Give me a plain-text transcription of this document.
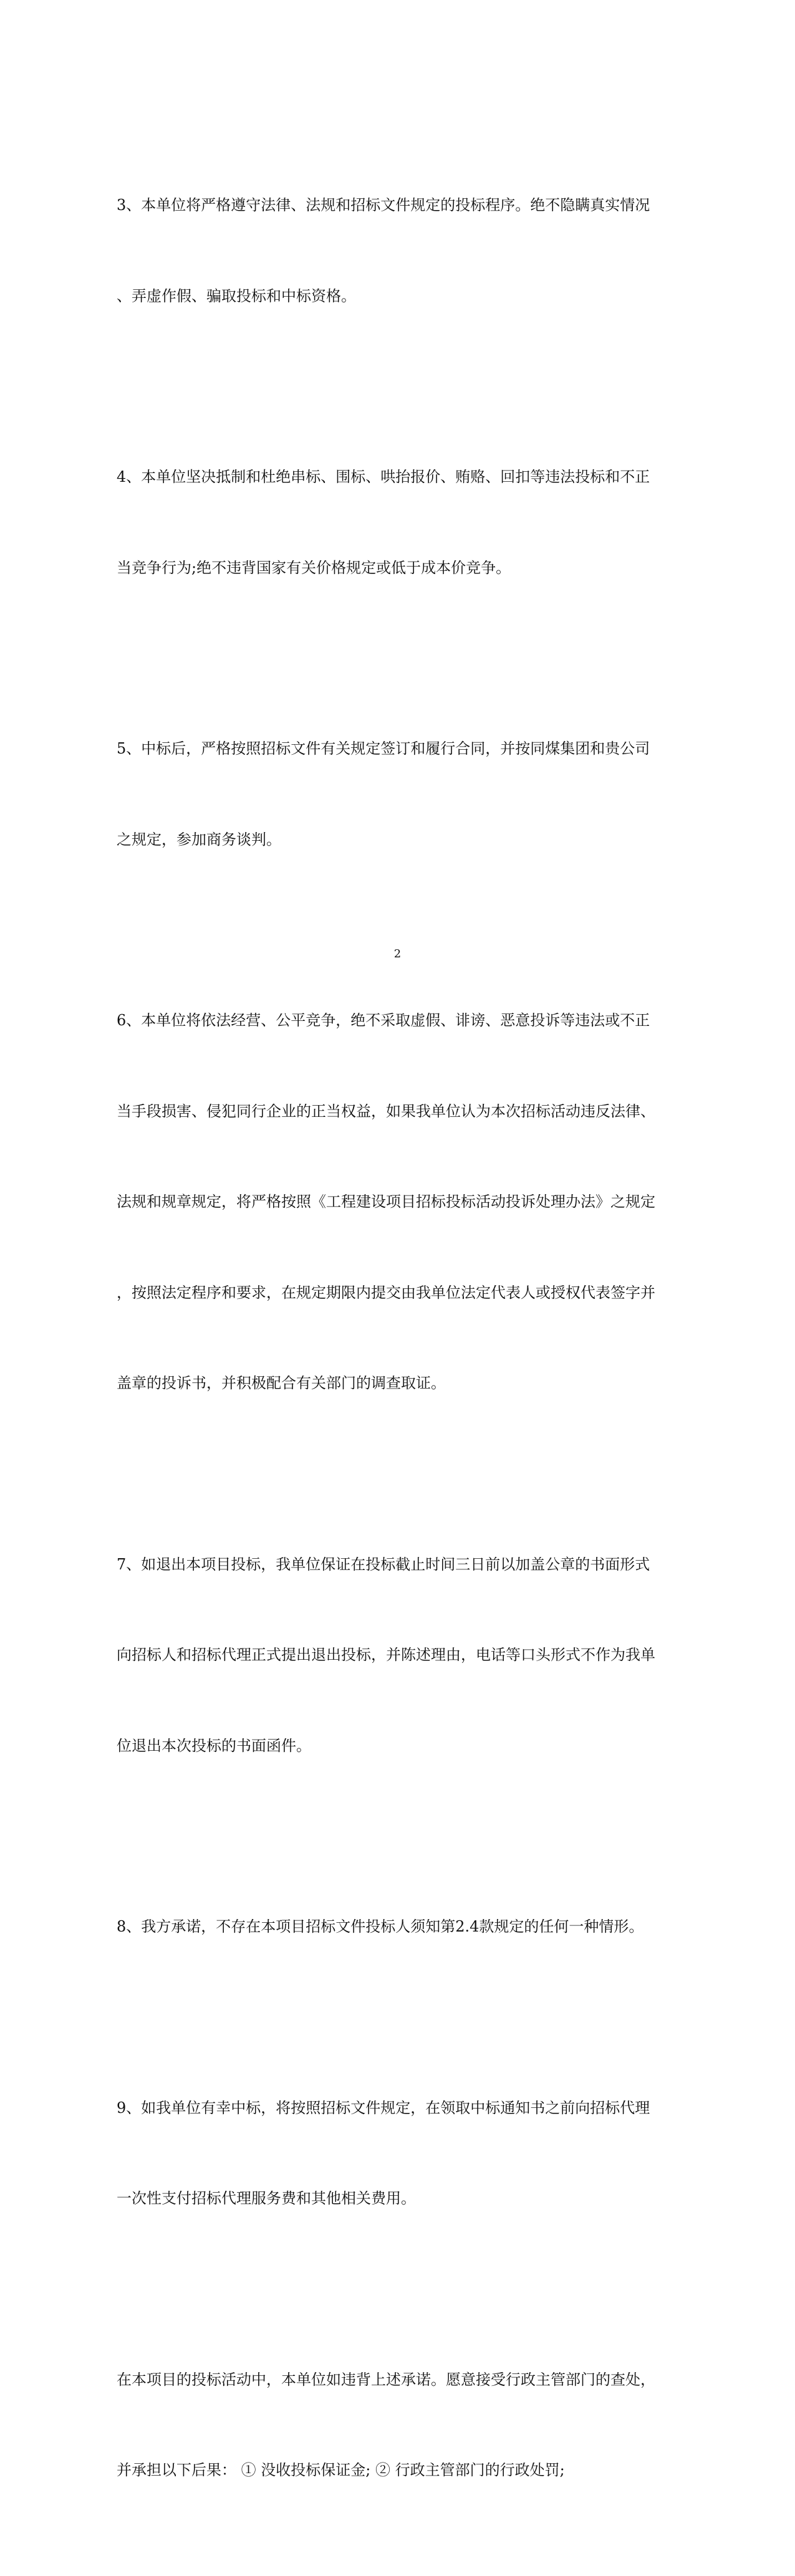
3、本单位将严格遵守法律、法规和招标文件规定的投标程序。绝不隐瞒真实情况

、弄虚作假、骗取投标和中标资格。

4、本单位坚决抵制和杜绝串标、围标、哄抬报价、贿赂、回扣等违法投标和不正

当竞争行为;绝不违背国家有关价格规定或低于成本价竞争。

5、中标后，严格按照招标文件有关规定签订和履行合同，并按同煤集团和贵公司

之规定，参加商务谈判。

6、本单位将依法经营、公平竞争，绝不采取虚假、诽谤、恶意投诉等违法或不正

当手段损害、侵犯同行企业的正当权益，如果我单位认为本次招标活动违反法律、

法规和规章规定，将严格按照《工程建设项目招标投标活动投诉处理办法》之规定

，按照法定程序和要求，在规定期限内提交由我单位法定代表人或授权代表签字并

盖章的投诉书，并积极配合有关部门的调查取证。

7、如退出本项目投标，我单位保证在投标截止时间三日前以加盖公章的书面形式

向招标人和招标代理正式提出退出投标，并陈述理由，电话等口头形式不作为我单

位退出本次投标的书面函件。

8、我方承诺，不存在本项目招标文件投标人须知第2.4款规定的任何一种情形。

9、如我单位有幸中标，将按照招标文件规定，在领取中标通知书之前向招标代理

一次性支付招标代理服务费和其他相关费用。

在本项目的投标活动中，本单位如违背上述承诺。愿意接受行政主管部门的查处，

并承担以下后果： ① 没收投标保证金; ② 行政主管部门的行政处罚;

2
